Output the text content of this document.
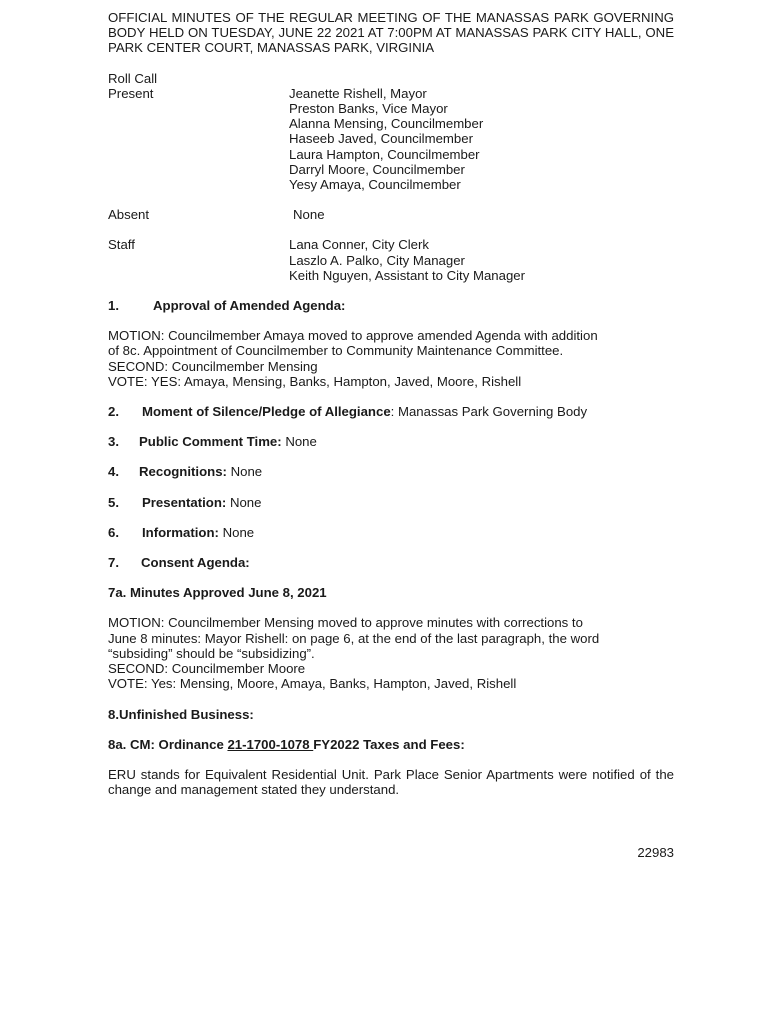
OFFICIAL MINUTES OF THE REGULAR MEETING OF THE MANASSAS PARK GOVERNING BODY HELD ON TUESDAY, JUNE 22 2021 AT 7:00PM AT MANASSAS PARK CITY HALL, ONE PARK CENTER COURT, MANASSAS PARK, VIRGINIA

Roll Call

Present	Jeanette Rishell, Mayor
Preston Banks, Vice Mayor
Alanna Mensing, Councilmember
Haseeb Javed, Councilmember
Laura Hampton, Councilmember
Darryl Moore, Councilmember
Yesy Amaya, Councilmember
Absent	None
Staff	Lana Conner, City Clerk
Laszlo A. Palko, City Manager
Keith Nguyen, Assistant to City Manager
1.	Approval of Amended Agenda:
MOTION: Councilmember Amaya moved to approve amended Agenda with addition
of 8c. Appointment of Councilmember to Community Maintenance Committee.
SECOND: Councilmember Mensing
VOTE: YES: Amaya, Mensing, Banks, Hampton, Javed, Moore, Rishell
2.	Moment of Silence/Pledge of Allegiance: Manassas Park Governing Body
3.	Public Comment Time: None
4.	Recognitions: None
5.	Presentation: None
6.	Information: None
7.	Consent Agenda:

7a. Minutes Approved June 8, 2021

MOTION: Councilmember Mensing moved to approve minutes with corrections to
June 8 minutes: Mayor Rishell: on page 6, at the end of the last paragraph, the word
“subsiding” should be “subsidizing”.
SECOND: Councilmember Moore
VOTE: Yes: Mensing, Moore, Amaya, Banks, Hampton, Javed, Rishell

8.Unfinished Business:

8a. CM: Ordinance 21-1700-1078 FY2022 Taxes and Fees:

ERU stands for Equivalent Residential Unit. Park Place Senior Apartments were notified of the change and management stated they understand.

22983
